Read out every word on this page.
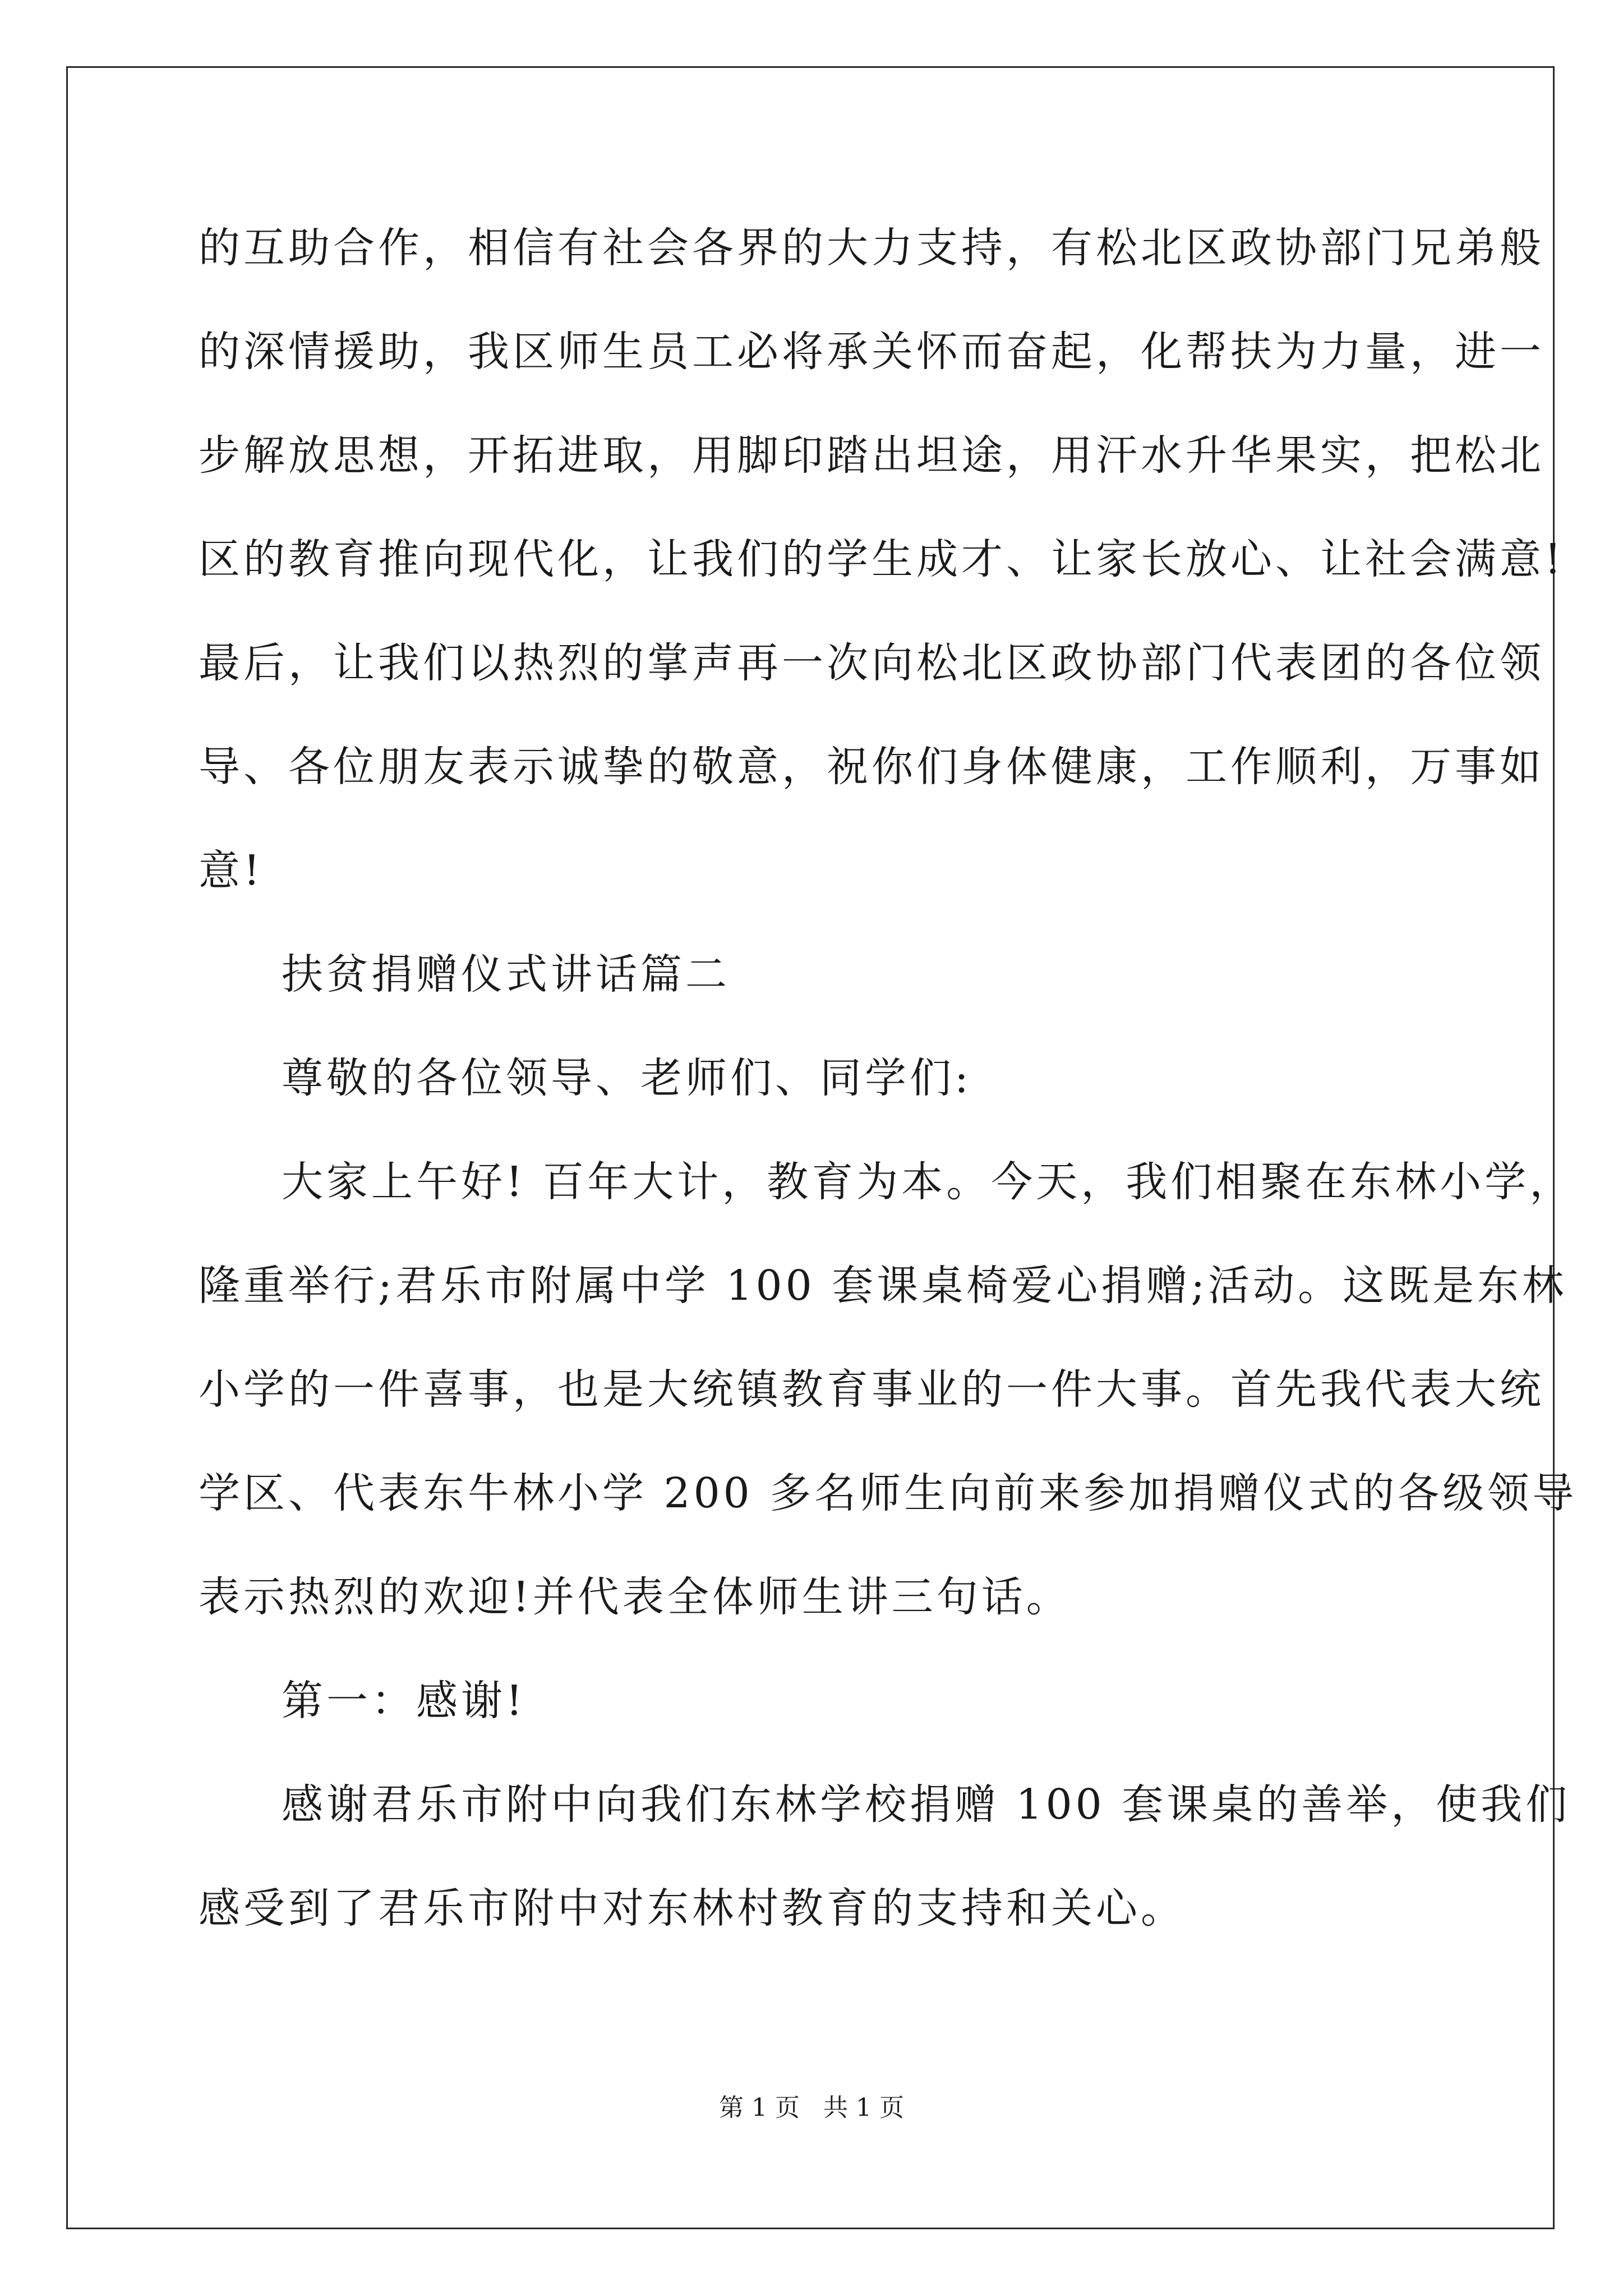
的互助合作，相信有社会各界的大力支持，有松北区政协部门兄弟般
的深情援助，我区师生员工必将承关怀而奋起，化帮扶为力量，进一
步解放思想，开拓进取，用脚印踏出坦途，用汗水升华果实，把松北
区的教育推向现代化，让我们的学生成才、让家长放心、让社会满意!
最后，让我们以热烈的掌声再一次向松北区政协部门代表团的各位领
导、各位朋友表示诚挚的敬意，祝你们身体健康，工作顺利，万事如
意!
扶贫捐赠仪式讲话篇二
尊敬的各位领导、老师们、同学们:
大家上午好! 百年大计，教育为本。今天，我们相聚在东林小学，
隆重举行;君乐市附属中学 100 套课桌椅爱心捐赠;活动。这既是东林
小学的一件喜事，也是大统镇教育事业的一件大事。首先我代表大统
学区、代表东牛林小学 200 多名师生向前来参加捐赠仪式的各级领导
表示热烈的欢迎!并代表全体师生讲三句话。
第一：感谢!
感谢君乐市附中向我们东林学校捐赠 100 套课桌的善举，使我们
感受到了君乐市附中对东林村教育的支持和关心。
第 1 页 共 1 页
